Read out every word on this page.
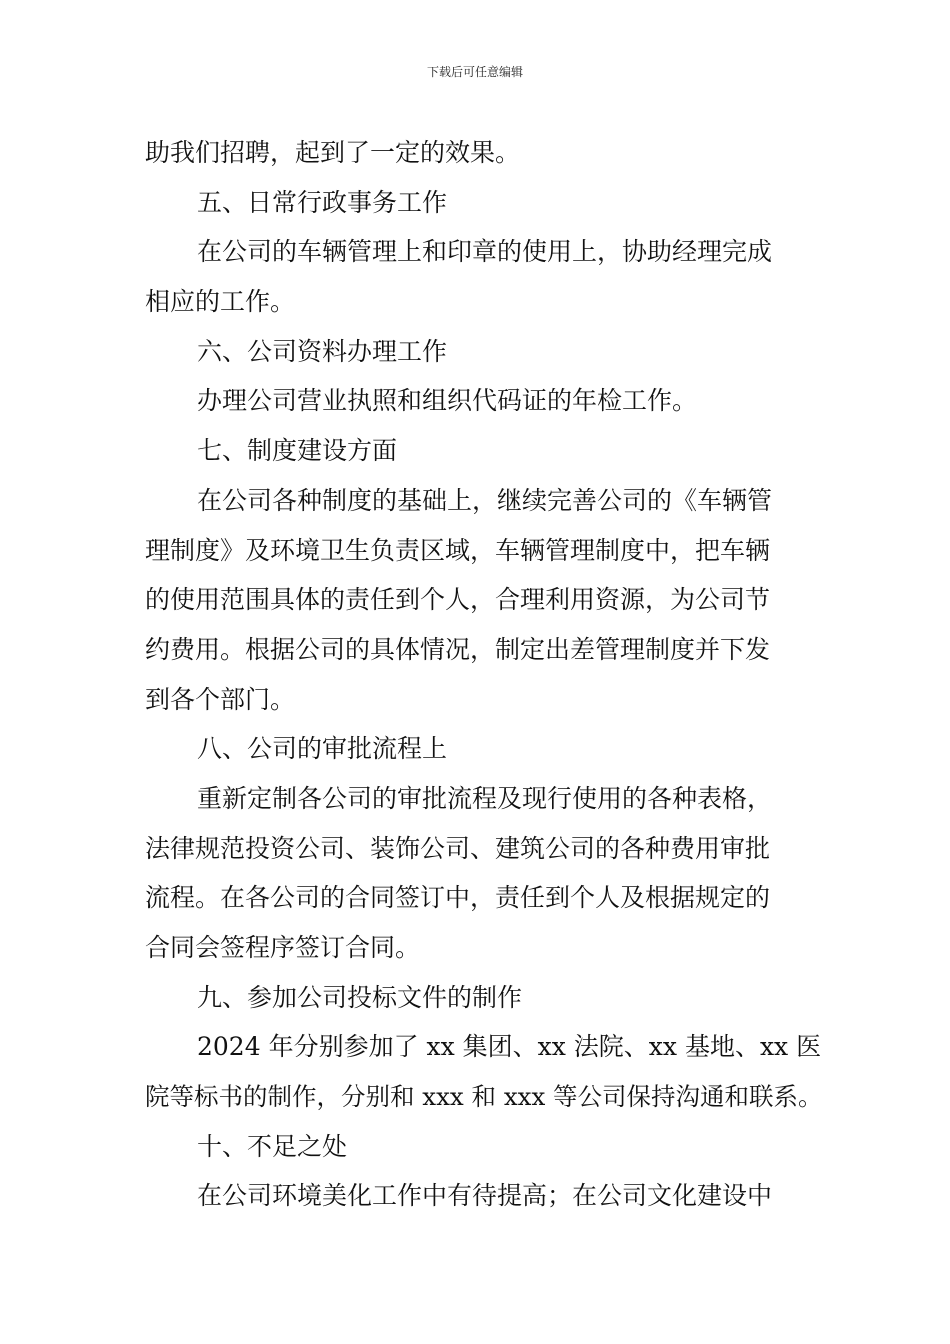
下载后可任意编辑
助我们招聘，起到了一定的效果。
五、日常行政事务工作
在公司的车辆管理上和印章的使用上，协助经理完成
相应的工作。
六、公司资料办理工作
办理公司营业执照和组织代码证的年检工作。
七、制度建设方面
在公司各种制度的基础上，继续完善公司的《车辆管
理制度》及环境卫生负责区域，车辆管理制度中，把车辆
的使用范围具体的责任到个人，合理利用资源，为公司节
约费用。根据公司的具体情况，制定出差管理制度并下发
到各个部门。
八、公司的审批流程上
重新定制各公司的审批流程及现行使用的各种表格，
法律规范投资公司、装饰公司、建筑公司的各种费用审批
流程。在各公司的合同签订中，责任到个人及根据规定的
合同会签程序签订合同。
九、参加公司投标文件的制作
2024 年分别参加了 xx 集团、xx 法院、xx 基地、xx 医
院等标书的制作，分别和 xxx 和 xxx 等公司保持沟通和联系。
十、不足之处
在公司环境美化工作中有待提高；在公司文化建设中
